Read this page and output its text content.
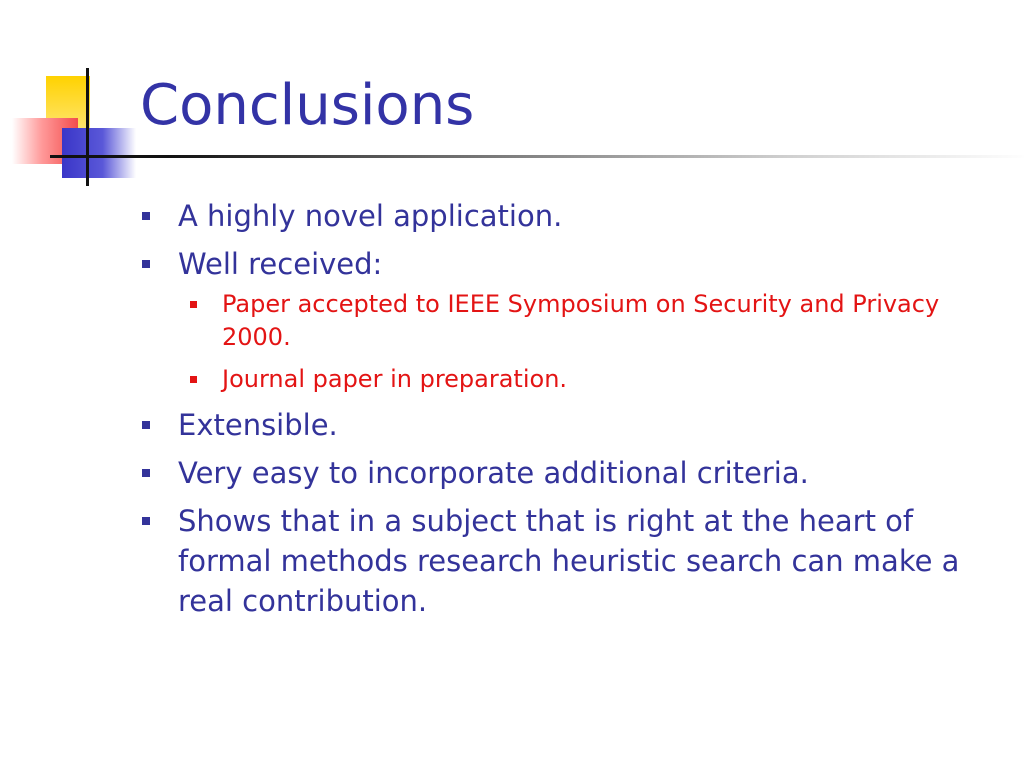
Conclusions
A highly novel application.
Well received:
Paper accepted to IEEE Symposium on Security and Privacy 2000.
Journal paper in preparation.
Extensible.
Very easy to incorporate additional criteria.
Shows that in a subject that is right at the heart of formal methods research heuristic search can make a real contribution.
